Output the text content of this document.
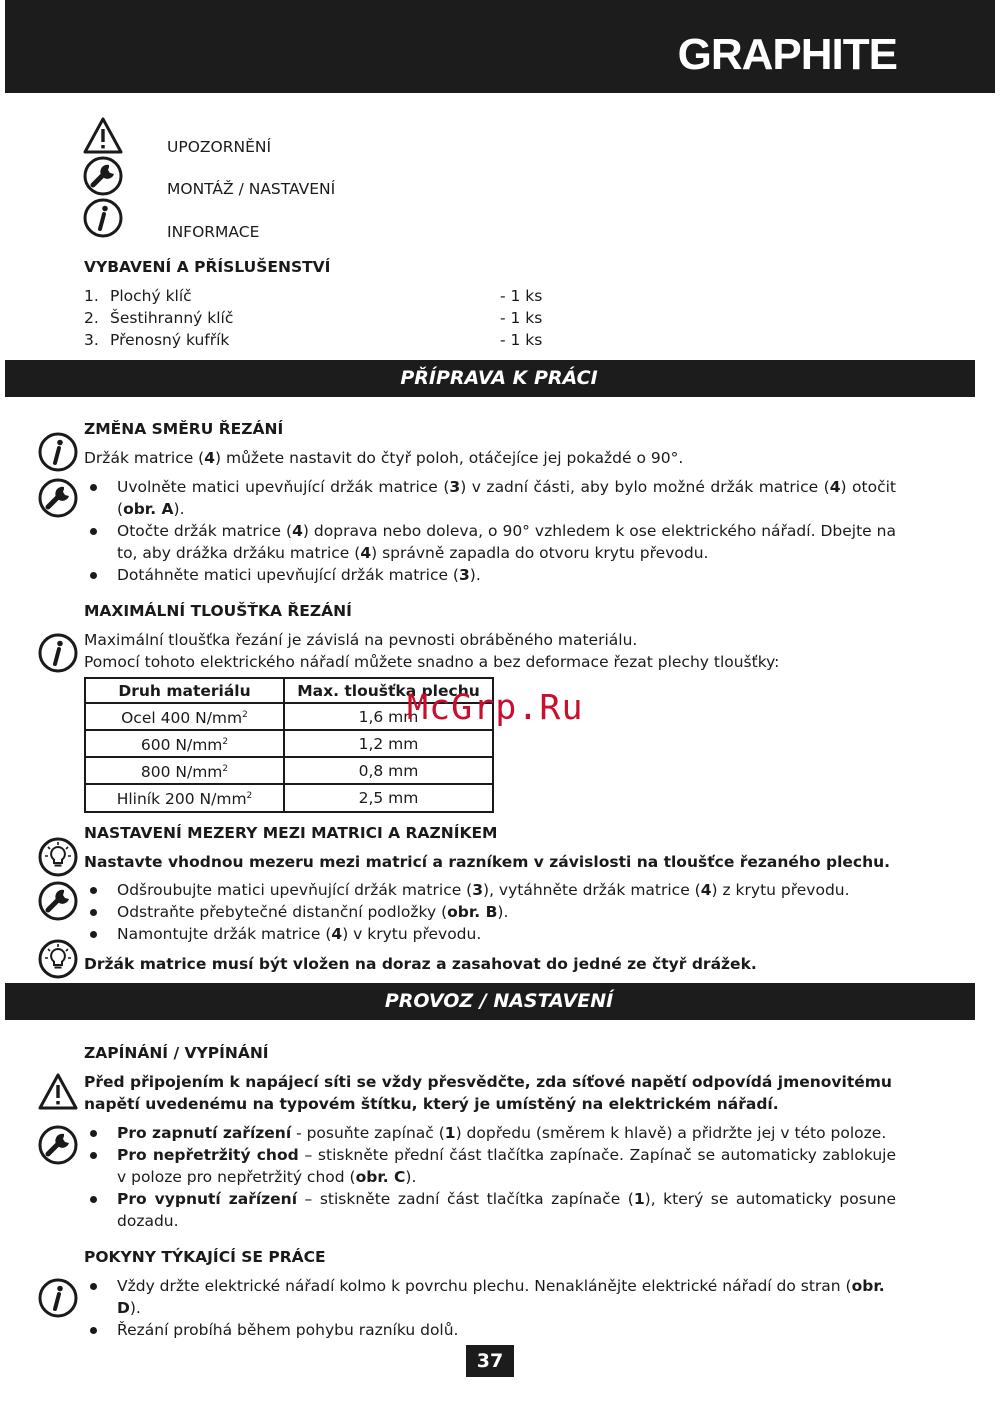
GRAPHITE
UPOZORNĚNÍ
MONTÁŽ / NASTAVENÍ
INFORMACE
VYBAVENÍ A PŘÍSLUŠENSTVÍ
1. Plochý klíč	- 1 ks
2. Šestihranný klíč	- 1 ks
3. Přenosný kufřík	- 1 ks
PŘÍPRAVA K PRÁCI
ZMĚNA SMĚRU ŘEZÁNÍ
Držák matrice (4) můžete nastavit do čtyř poloh, otáčejíce jej pokaždé o 90°.
Uvolněte matici upevňující držák matrice (3) v zadní části, aby bylo možné držák matrice (4) otočit (obr. A).
Otočte držák matrice (4) doprava nebo doleva, o 90° vzhledem k ose elektrického nářadí. Dbejte na to, aby drážka držáku matrice (4) správně zapadla do otvoru krytu převodu.
Dotáhněte matici upevňující držák matrice (3).
MAXIMÁLNÍ TLOUŠŤKA ŘEZÁNÍ
Maximální tloušťka řezání je závislá na pevnosti obráběného materiálu.
Pomocí tohoto elektrického nářadí můžete snadno a bez deformace řezat plechy tloušťky:
Druh materiálu	Max. tloušťka plechu
Ocel 400 $N/mm^2$	1,6 mm
600 $N/mm^2$	1,2 mm
800 $N/mm^2$	0,8 mm
Hliník 200 $N/mm^2$	2,5 mm
McGrp.Ru
NASTAVENÍ MEZERY MEZI MATRICI A RAZNÍKEM
Nastavte vhodnou mezeru mezi matricí a razníkem v závislosti na tloušťce řezaného plechu.
Odšroubujte matici upevňující držák matrice (3), vytáhněte držák matrice (4) z krytu převodu.
Odstraňte přebytečné distanční podložky (obr. B).
Namontujte držák matrice (4) v krytu převodu.
Držák matrice musí být vložen na doraz a zasahovat do jedné ze čtyř drážek.
PROVOZ / NASTAVENÍ
ZAPÍNÁNÍ / VYPÍNÁNÍ
Před připojením k napájecí síti se vždy přesvědčte, zda síťové napětí odpovídá jmenovitému napětí uvedenému na typovém štítku, který je umístěný na elektrickém nářadí.
Pro zapnutí zařízení - posuňte zapínač (1) dopředu (směrem k hlavě) a přidržte jej v této poloze.
Pro nepřetržitý chod – stiskněte přední část tlačítka zapínače. Zapínač se automaticky zablokuje v poloze pro nepřetržitý chod (obr. C).
Pro vypnutí zařízení – stiskněte zadní část tlačítka zapínače (1), který se automaticky posune dozadu.
POKYNY TÝKAJÍCÍ SE PRÁCE
Vždy držte elektrické nářadí kolmo k povrchu plechu. Nenaklánějte elektrické nářadí do stran (obr. D).
Řezání probíhá během pohybu razníku dolů.
37
